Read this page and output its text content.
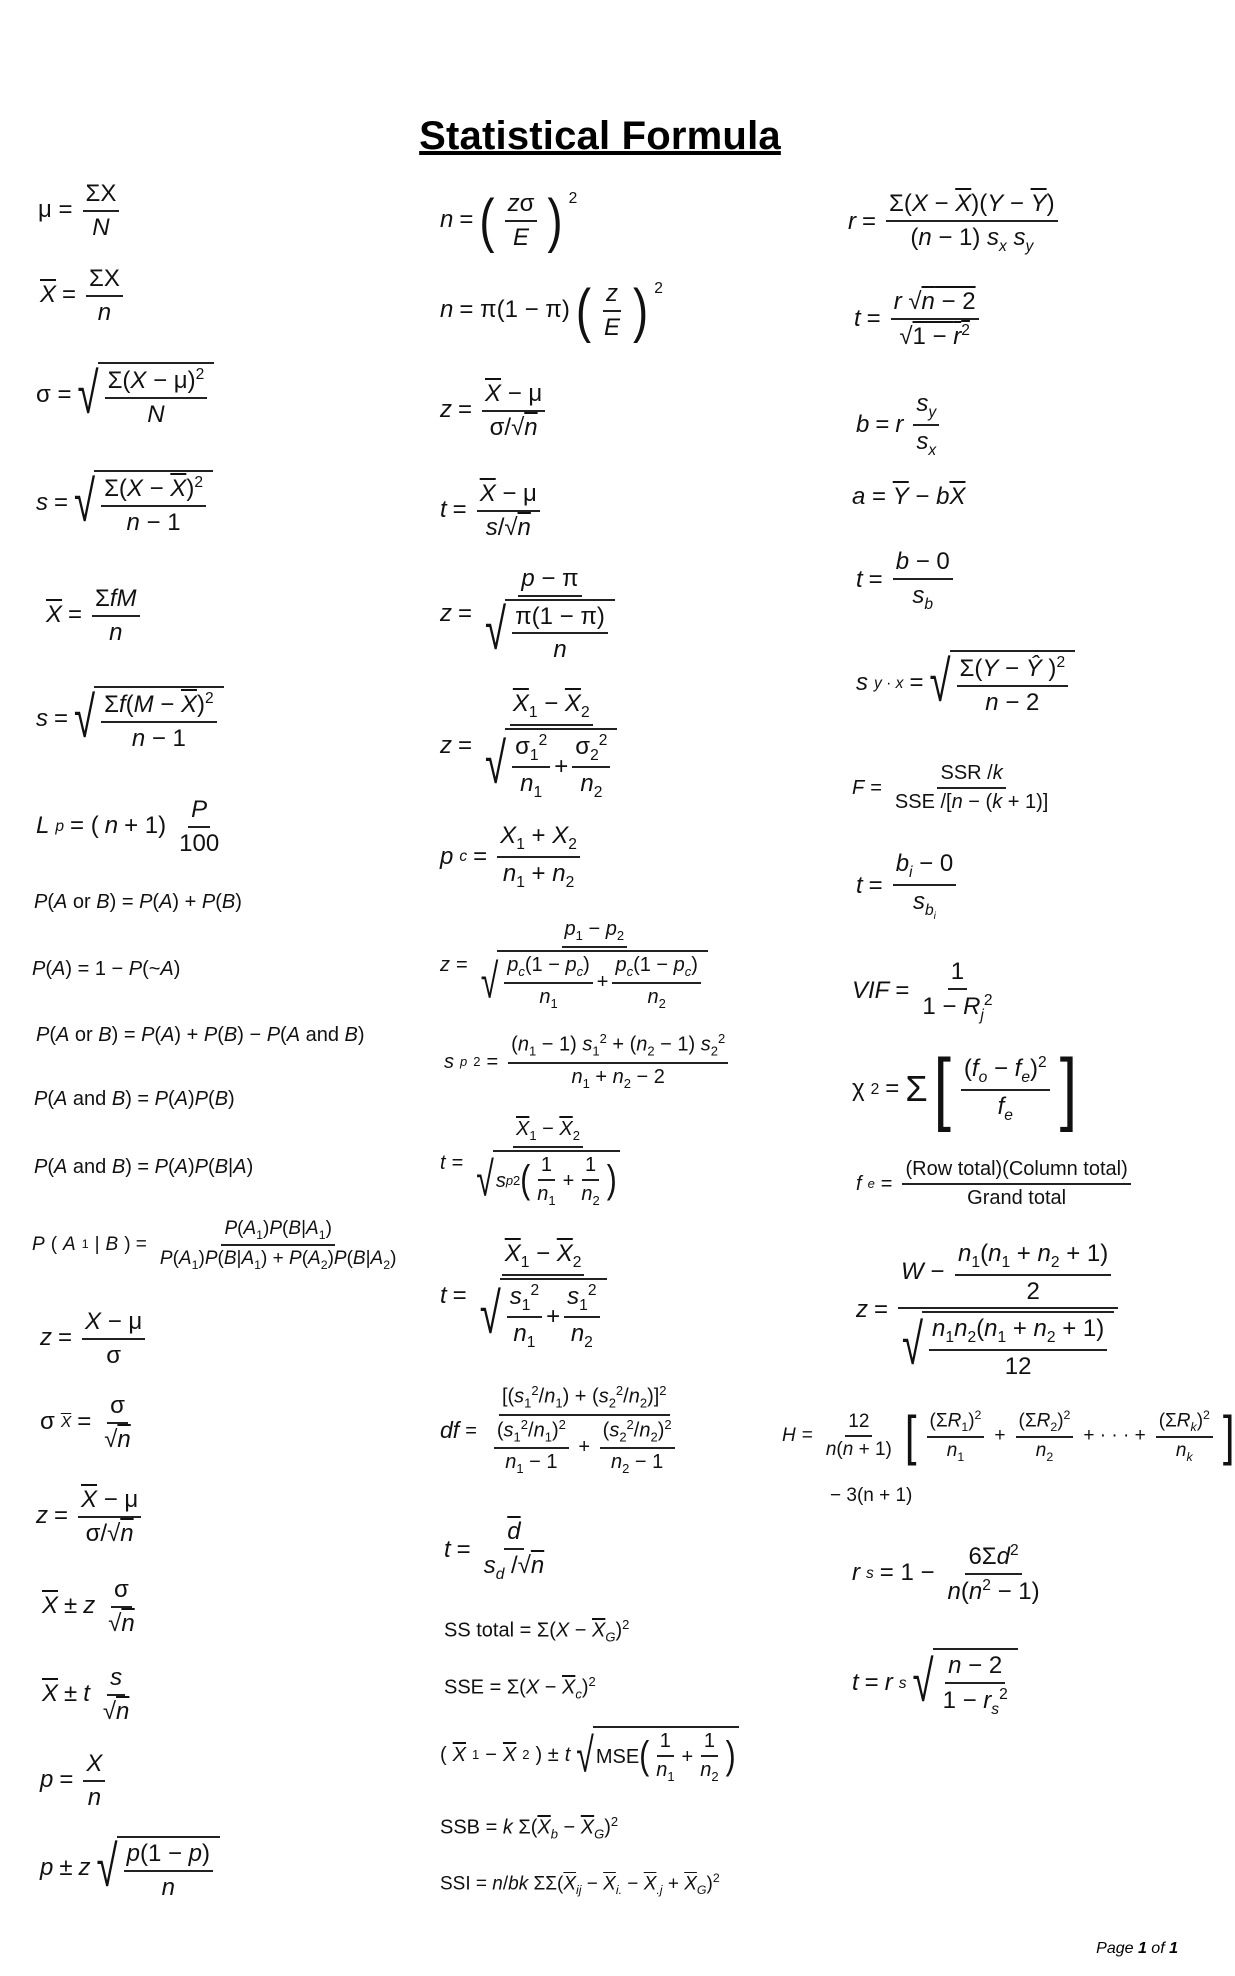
Statistical Formula
$\mu = \frac{\Sigma X}{N}$
$\overline{X} = \frac{\Sigma X}{n}$
σ = √ $\frac{\Sigma(X - \mu)^2}{N}$
s = √ $\frac{\Sigma(X - \overline{X})^2}{n - 1}$
$\overline{X} = \frac{\text{ΣfM}}{n}$
s = √ $\frac{\Sigma f(M - \overline{X})^2}{n - 1}$
L p = ( $n + 1) \frac{P}{100}$
P(A or B) = P(A) + P(B)
P(A) = 1 − P(~A)
P(A or B) = P(A) + P(B) − P(A and B)
P(A and B) = P(A)P(B)
P(A and B) = P(A)P(B|A)
P ( A 1 | B ) = $\frac{P(A_1)P(B|A_1)}{P(A_1)P(B|A_1) + P(A_2)P(B|A_2)}$
$z = \frac{X - \mu}{\sigma}$
σ $\overline{X} = \frac{\sigma}{√n}$
$z = \frac{\overline{X} - \mu}{\sigma/√n}$
$\overline{X} \pm z \frac{\sigma}{√n}$
$\overline{X} \pm t \frac{s}{√n}$
$p = \frac{X}{n}$
p ± z √ $\frac{p(1 - p)}{n}$
n = ( $\frac{z\sigma}{E}$ ) $^2$
n = π(1 − π) ( $\frac{z}{E}$ ) $^2$
$z = \frac{\overline{X} - \mu}{\sigma/√n}$
$t = \frac{\overline{X} - \mu}{s/√n}$
$z = \frac{p - \pi}{√ \frac{\pi(1 - \pi)}{n}}$
$z = \frac{\overline{X}_1 - \overline{X}_2}{√ \frac{\sigma_1^2}{n_1} + \frac{\sigma_2^2}{n_2}}$
p $c = \frac{X_1 + X_2}{n_1 + n_2}$
$z = \frac{p_1 - p_2}{√ \frac{p_c(1 - p_c)}{n_1} + \frac{p_c(1 - p_c)}{n_2}}$
s p $2 = \frac{(n_1 - 1) s_1^2 + (n_2 - 1) s_2^2}{n_1 + n_2 - 2}$
$t = \frac{\overline{X}_1 - \overline{X}_2}{√ s p 2 ( \frac{1}{n_1} + \frac{1}{n_2} )}$
$t = \frac{\overline{X}_1 - \overline{X}_2}{√ \frac{s_1^2}{n_1} + \frac{s_1^2}{n_2}}$
df = $\frac{[(s_1^2/n_1) + (s_2^2/n_2)]^2}{\frac{(s_1^2/n_1)^2}{n_1 - 1} + \frac{(s_2^2/n_2)^2}{n_2 - 1}}$
$t = \frac{\overline{d}}{s_d /√n}$
SS total = $\Sigma(X - \overline{X}_G)^2$
SSE = $\Sigma(X - \overline{X}_c)^2$
( $\overline{X}$ $1 - \overline{X}$ 2 ) ± t √ MSE ( $\frac{1}{n_1} + \frac{1}{n_2}$ )
SSB = k $\Sigma(\overline{X}_b - \overline{X}_G)^2$
SSI = n/bk $\Sigma\Sigma(\overline{X}_{ij} - \overline{X}_{i.} - \overline{X}_{.j} + \overline{X}_G)^2$
$r = \frac{\Sigma(X - \overline{X})(Y - \overline{Y})}{(n - 1) s_x s_y}$
$t = \frac{r √n - 2}{√1 - r^2}$
b = r $\frac{s_y}{s_x}$
$a = \overline{Y} - b\overline{X}$
$t = \frac{b - 0}{s_b}$
s y · x = √ $\frac{\Sigma(Y - Ŷ )^2}{n - 2}$
$F = \frac{\text{SSR /k}}{\text{SSE /[n − (k + 1)]}}$
$t = \frac{b_i - 0}{s_{b_i}}$
VIF = $\frac{1}{1 - R_j^2}$
χ 2 = Σ [ $\frac{(f_o - f_e)^2}{f_e}$ ]
f $e = \frac{\text{(Row total)(Column total)}}{\text{Grand total}}$
$z = \frac{W - \frac{n_1(n_1 + n_2 + 1)}{2}}{√ \frac{n_1n_2(n_1 + n_2 + 1)}{12}}$
$H = \frac{12}{n(n + 1)}$ [ $\frac{(\Sigma R_1)^2}{n_1} + \frac{(\Sigma R_2)^2}{n_2}$ + · · · + $\frac{(\Sigma R_k)^2}{n_k}$ ]
− 3(n + 1)
r $s = 1 - \frac{6\Sigma d^2}{n(n^2 - 1)}$
t = r s √ $\frac{n - 2}{1 - r_s^2}$
Page 1 of 1
